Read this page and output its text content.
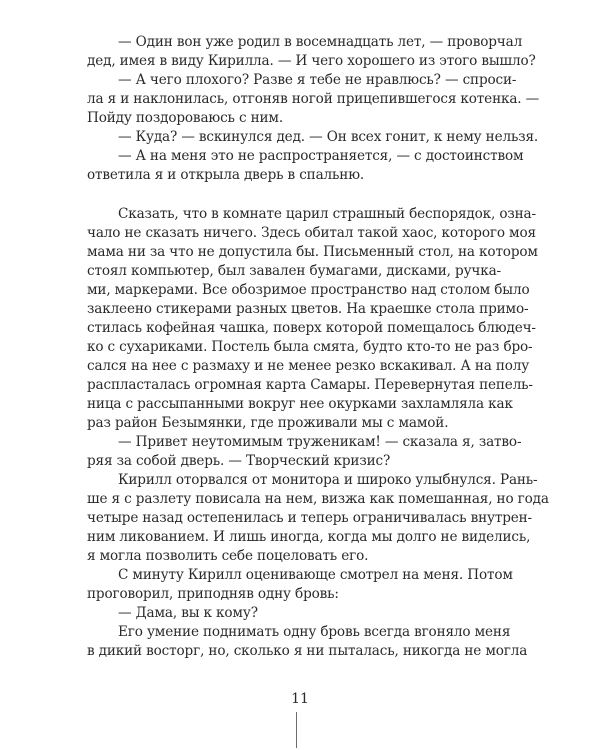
— Один вон уже родил в восемнадцать лет, — проворчал
дед, имея в виду Кирилла. — И чего хорошего из этого вышло?
— А чего плохого? Разве я тебе не нравлюсь? — спроси-
ла я и наклонилась, отгоняв ногой прицепившегося котенка. —
Пойду поздороваюсь с ним.
— Куда? — вскинулся дед. — Он всех гонит, к нему нельзя.
— А на меня это не распространяется, — с достоинством
ответила я и открыла дверь в спальню.
Сказать, что в комнате царил страшный беспорядок, озна-
чало не сказать ничего. Здесь обитал такой хаос, которого моя
мама ни за что не допустила бы. Письменный стол, на котором
стоял компьютер, был завален бумагами, дисками, ручка-
ми, маркерами. Все обозримое пространство над столом было
заклеено стикерами разных цветов. На краешке стола примо-
стилась кофейная чашка, поверх которой помещалось блюдеч-
ко с сухариками. Постель была смята, будто кто-то не раз бро-
сался на нее с размаху и не менее резко вскакивал. А на полу
распласталась огромная карта Самары. Перевернутая пепель-
ница с рассыпанными вокруг нее окурками захламляла как
раз район Безымянки, где проживали мы с мамой.
— Привет неутомимым труженикам! — сказала я, затво-
ряя за собой дверь. — Творческий кризис?
Кирилл оторвался от монитора и широко улыбнулся. Рань-
ше я с разлету повисала на нем, визжа как помешанная, но года
четыре назад остепенилась и теперь ограничивалась внутрен-
ним ликованием. И лишь иногда, когда мы долго не виделись,
я могла позволить себе поцеловать его.
С минуту Кирилл оценивающе смотрел на меня. Потом
проговорил, приподняв одну бровь:
— Дама, вы к кому?
Его умение поднимать одну бровь всегда вгоняло меня
в дикий восторг, но, сколько я ни пыталась, никогда не могла
11
